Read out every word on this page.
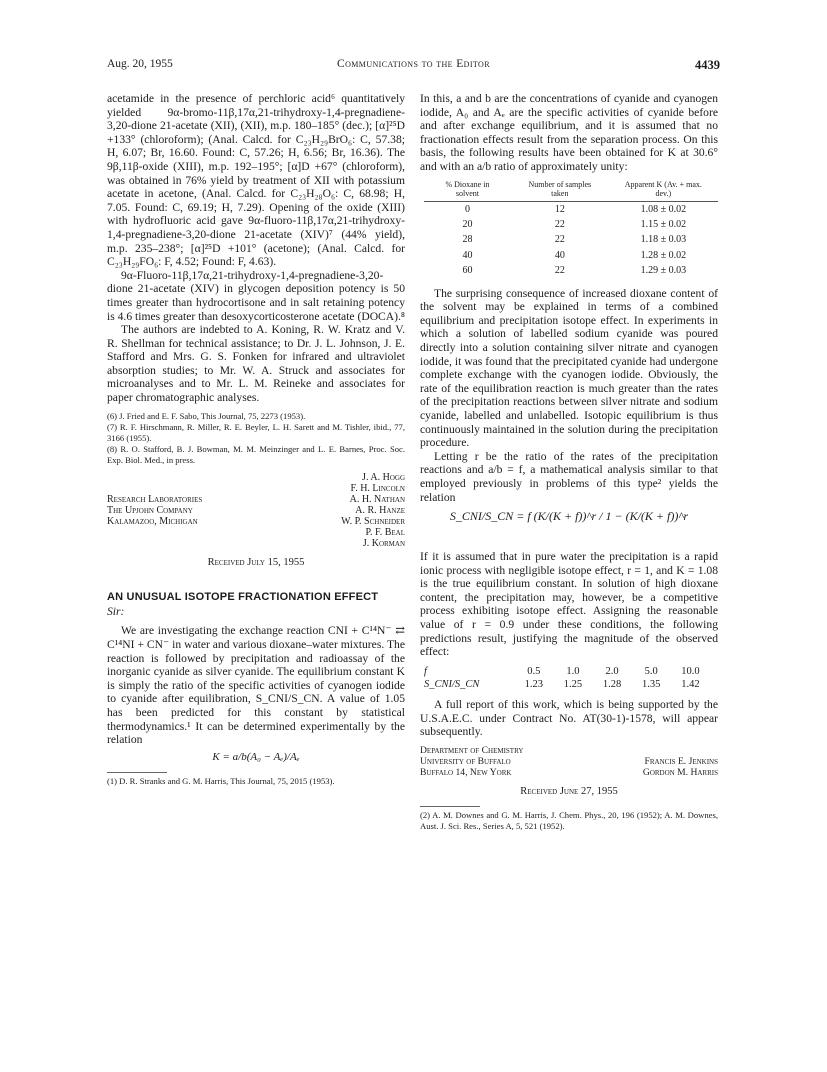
Aug. 20, 1955	Communications to the Editor	4439

acetamide in the presence of perchloric acid⁶ quantitatively yielded 9α-bromo-11β,17α,21-trihydroxy-1,4-pregnadiene-3,20-dione 21-acetate (XII), (XII), m.p. 180–185° (dec.); [α]²⁵D +133° (chloroform); (Anal. Calcd. for C₂₃H₂₉BrO₆: C, 57.38; H, 6.07; Br, 16.60. Found: C, 57.26; H, 6.56; Br, 16.36). The 9β,11β-oxide (XIII), m.p. 192–195°; [α]D +67° (chloroform), was obtained in 76% yield by treatment of XII with potassium acetate in acetone, (Anal. Calcd. for C₂₃H₂₈O₆: C, 68.98; H, 7.05. Found: C, 69.19; H, 7.29). Opening of the oxide (XIII) with hydrofluoric acid gave 9α-fluoro-11β,17α,21-trihydroxy-1,4-pregnadiene-3,20-dione 21-acetate (XIV)⁷ (44% yield), m.p. 235–238°; [α]²⁵D +101° (acetone); (Anal. Calcd. for C₂₃H₂₉FO₆: F, 4.52; Found: F, 4.63).

9α-Fluoro-11β,17α,21-trihydroxy-1,4-pregnadiene-3,20-dione 21-acetate (XIV) in glycogen deposition potency is 50 times greater than hydrocortisone and in salt retaining potency is 4.6 times greater than desoxycorticosterone acetate (DOCA).⁸

The authors are indebted to A. Koning, R. W. Kratz and V. R. Shellman for technical assistance; to Dr. J. L. Johnson, J. E. Stafford and Mrs. G. S. Fonken for infrared and ultraviolet absorption studies; to Mr. W. A. Struck and associates for microanalyses and to Mr. L. M. Reineke and associates for paper chromatographic analyses.

(6) J. Fried and E. F. Sabo, This Journal, 75, 2273 (1953).

(7) R. F. Hirschmann, R. Miller, R. E. Beyler, L. H. Sarett and M. Tishler, ibid., 77, 3166 (1955).

(8) R. O. Stafford, B. J. Bowman, M. M. Meinzinger and L. E. Barnes, Proc. Soc. Exp. Biol. Med., in press.

Research Laboratories
The Upjohn Company
Kalamazoo, Michigan
J. A. Hogg
F. H. Lincoln
A. H. Nathan
A. R. Hanze
W. P. Schneider
P. F. Beal
J. Korman
Received July 15, 1955
AN UNUSUAL ISOTOPE FRACTIONATION EFFECT
Sir:

We are investigating the exchange reaction CNI + C¹⁴N⁻ ⇄ C¹⁴NI + CN⁻ in water and various dioxane–water mixtures. The reaction is followed by precipitation and radioassay of the inorganic cyanide as silver cyanide. The equilibrium constant K is simply the ratio of the specific activities of cyanogen iodide to cyanide after equilibration, S_CNI/S_CN. A value of 1.05 has been predicted for this constant by statistical thermodynamics.¹ It can be determined experimentally by the relation

K = a/b(A₀ − Aₑ)/Aₑ

(1) D. R. Stranks and G. M. Harris, This Journal, 75, 2015 (1953).

In this, a and b are the concentrations of cyanide and cyanogen iodide, A₀ and Aₑ are the specific activities of cyanide before and after exchange equilibrium, and it is assumed that no fractionation effects result from the separation process. On this basis, the following results have been obtained for K at 30.6° and with an a/b ratio of approximately unity:

% Dioxane in solvent	Number of samples taken	Apparent K (Av. + max. dev.)
0	12	1.08 ± 0.02
20	22	1.15 ± 0.02
28	22	1.18 ± 0.03
40	40	1.28 ± 0.02
60	22	1.29 ± 0.03

The surprising consequence of increased dioxane content of the solvent may be explained in terms of a combined equilibrium and precipitation isotope effect. In experiments in which a solution of labelled sodium cyanide was poured directly into a solution containing silver nitrate and cyanogen iodide, it was found that the precipitated cyanide had undergone complete exchange with the cyanogen iodide. Obviously, the rate of the equilibration reaction is much greater than the rates of the precipitation reactions between silver nitrate and sodium cyanide, labelled and unlabelled. Isotopic equilibrium is thus continuously maintained in the solution during the precipitation procedure.

Letting r be the ratio of the rates of the precipitation reactions and a/b = f, a mathematical analysis similar to that employed previously in problems of this type² yields the relation

S_CNI/S_CN = f (K/(K + f))^r / 1 − (K/(K + f))^r

If it is assumed that in pure water the precipitation is a rapid ionic process with negligible isotope effect, r = 1, and K = 1.08 is the true equilibrium constant. In solution of high dioxane content, the precipitation may, however, be a competitive process exhibiting isotope effect. Assigning the reasonable value of r = 0.9 under these conditions, the following predictions result, justifying the magnitude of the observed effect:

f	0.5	1.0	2.0	5.0	10.0
S_CNI/S_CN	1.23	1.25	1.28	1.35	1.42

A full report of this work, which is being supported by the U.S.A.E.C. under Contract No. AT(30-1)-1578, will appear subsequently.

Department of Chemistry
University of Buffalo
Buffalo 14, New York
Francis E. Jenkins
Gordon M. Harris
Received June 27, 1955

(2) A. M. Downes and G. M. Harris, J. Chem. Phys., 20, 196 (1952); A. M. Downes, Aust. J. Sci. Res., Series A, 5, 521 (1952).
